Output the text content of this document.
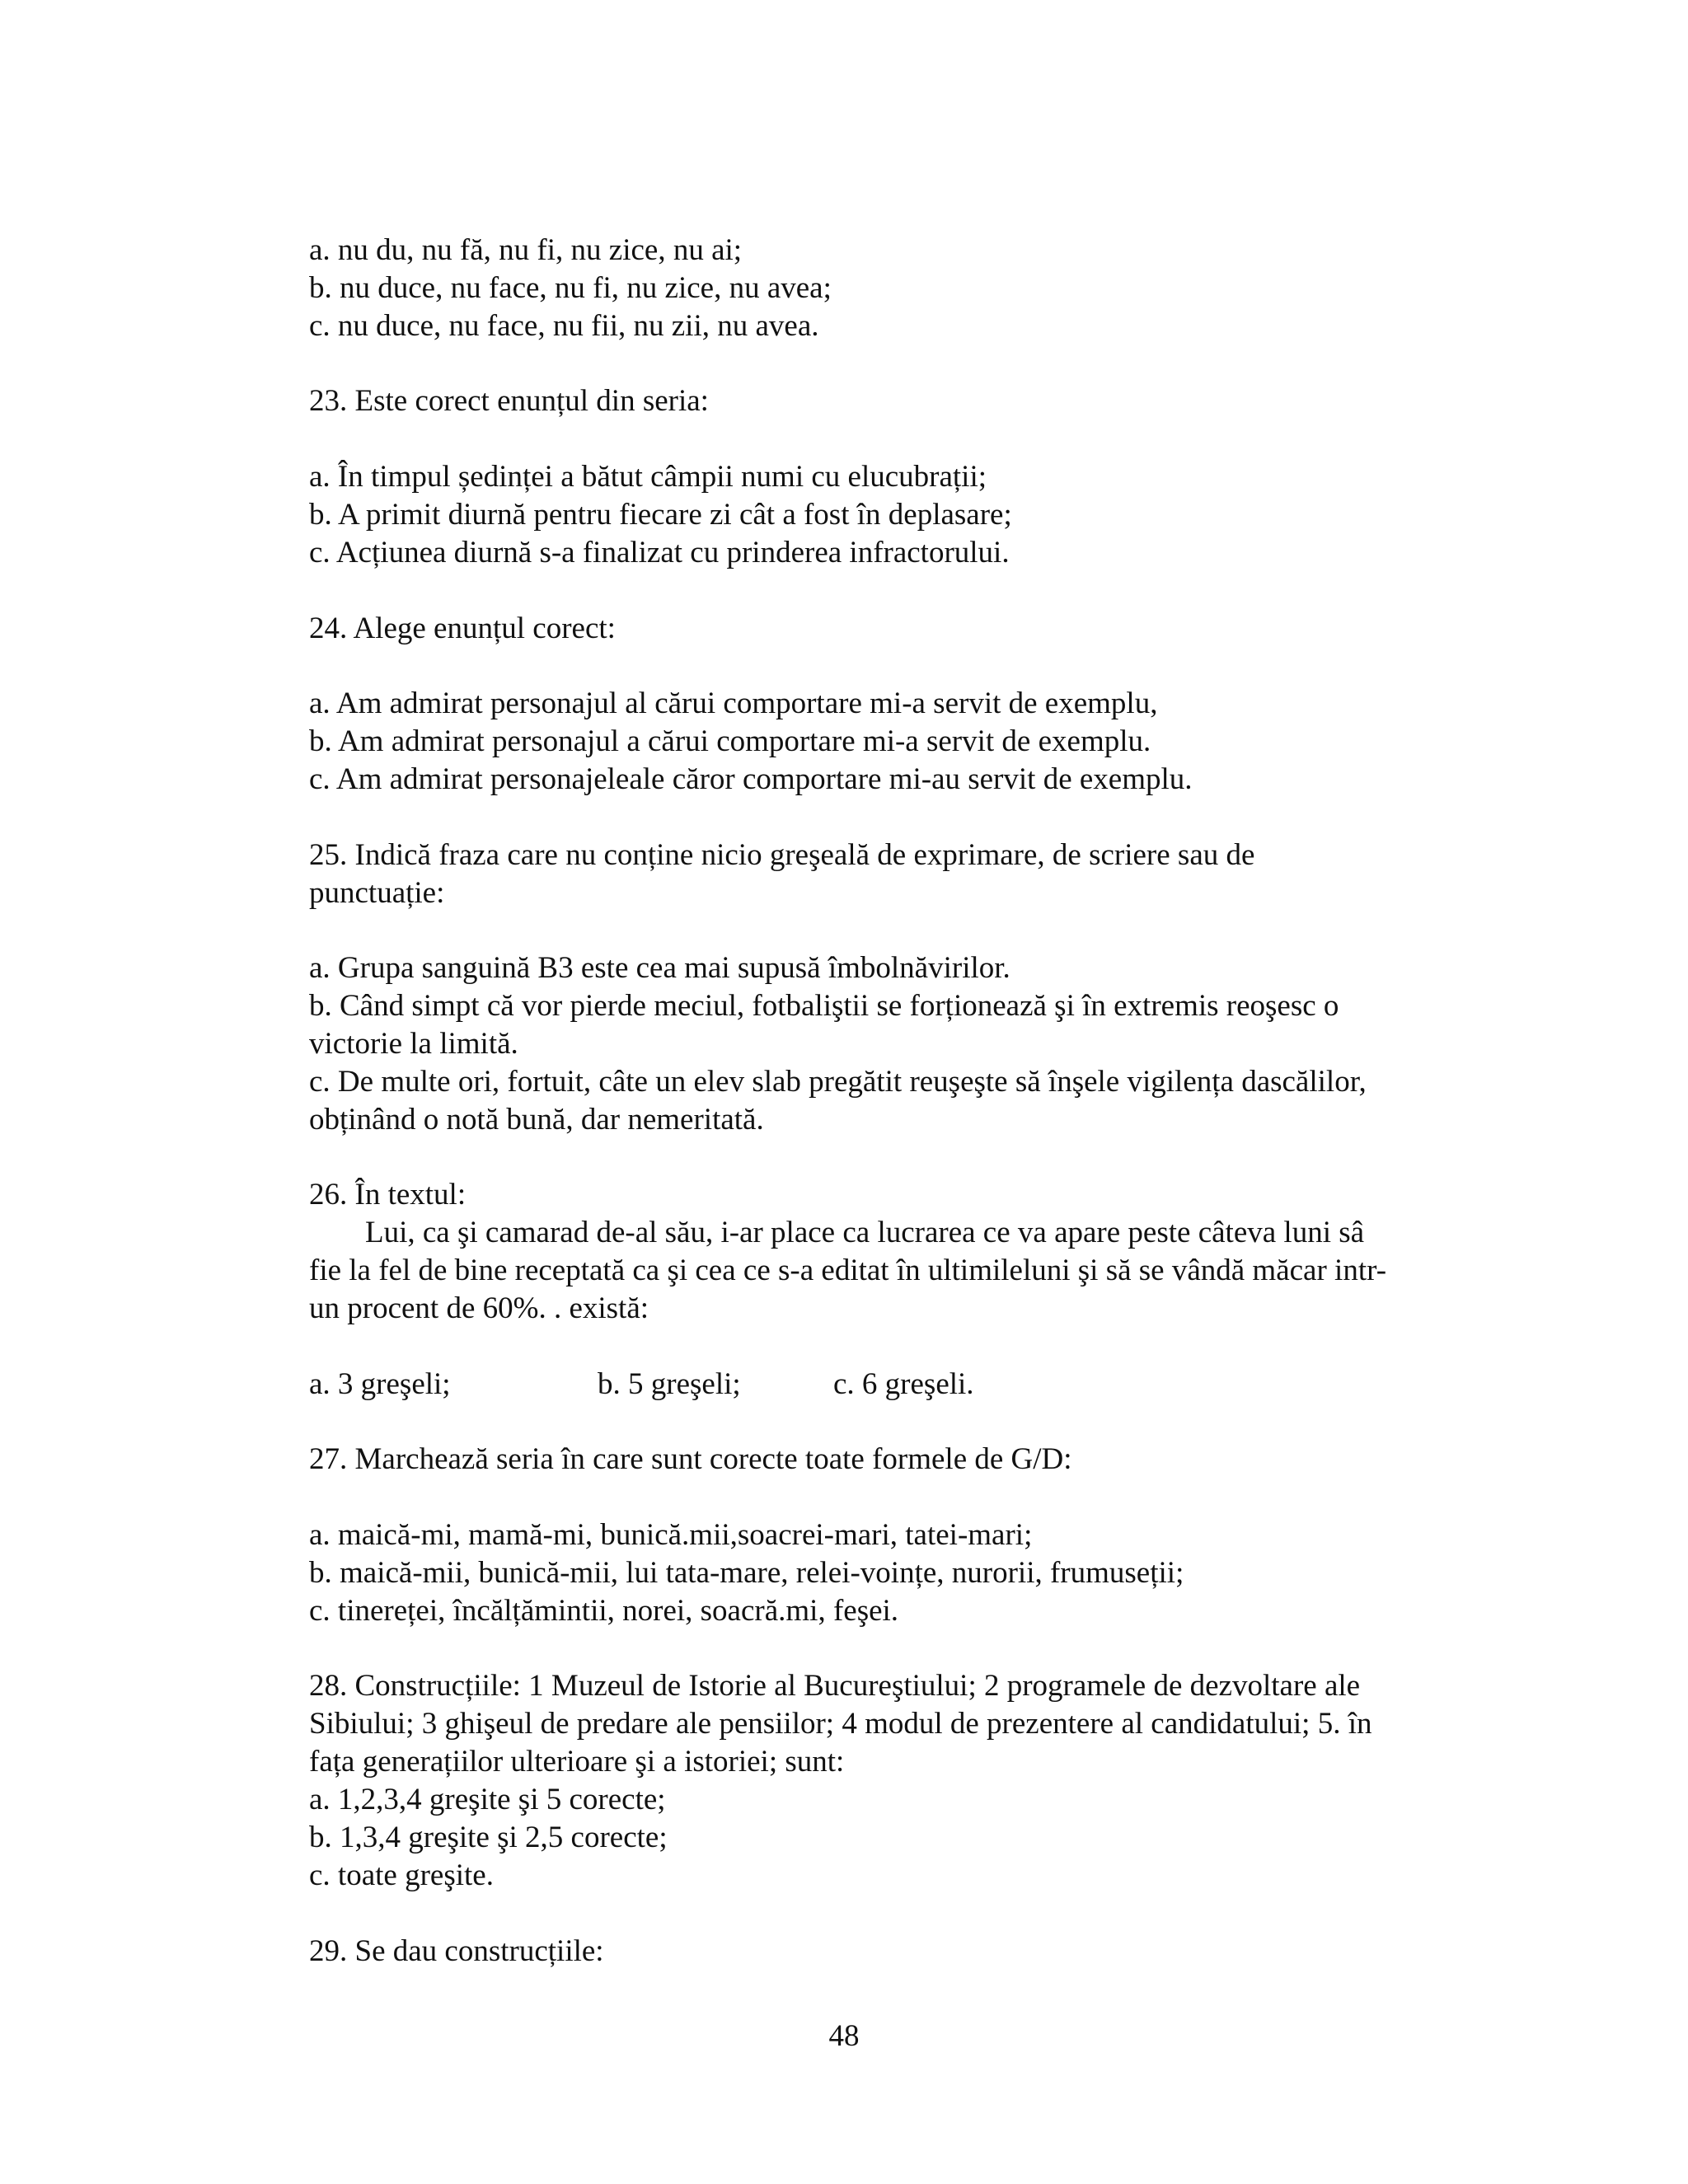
a. nu du, nu fă, nu fi, nu zice, nu ai;
b. nu duce, nu face, nu fi, nu zice, nu avea;
c. nu duce, nu face, nu fii, nu zii, nu avea.
23. Este corect enunțul din seria:
a. În timpul ședinței a bătut câmpii numi cu elucubrații;
b. A primit diurnă pentru fiecare zi cât a fost în deplasare;
c. Acțiunea diurnă s-a finalizat cu prinderea infractorului.
24. Alege enunțul corect:
a. Am admirat personajul al cărui comportare mi-a servit de exemplu,
b. Am admirat personajul a cărui comportare mi-a servit de exemplu.
c. Am admirat personajeleale căror comportare mi-au servit de exemplu.
25. Indică fraza care nu conține nicio greşeală de exprimare, de scriere sau de
punctuație:
a. Grupa sanguină B3 este cea mai supusă îmbolnăvirilor.
b. Când simpt că vor pierde meciul, fotbaliştii se forționează şi în extremis reoşesc o
victorie la limită.
c. De multe ori, fortuit, câte un elev slab pregătit reuşeşte să înşele vigilența dascălilor,
obținând o notă bună, dar nemeritată.
26. În textul:
Lui, ca şi camarad de-al său, i-ar place ca lucrarea ce va apare peste câteva luni sâ
fie la fel de bine receptată ca şi cea ce s-a editat în ultimileluni şi să se vândă măcar intr-
un procent de 60%. . există:
a. 3 greşeli;	b. 5 greşeli;	c. 6 greşeli.
27. Marchează seria în care sunt corecte toate formele de G/D:
a. maică-mi, mamă-mi, bunică.mii,soacrei-mari, tatei-mari;
b. maică-mii, bunică-mii, lui tata-mare, relei-voințe, nurorii, frumuseții;
c. tinereței, încălțămintii, norei, soacră.mi, feşei.
28. Construcțiile: 1 Muzeul de Istorie al Bucureştiului; 2 programele de dezvoltare ale
Sibiului; 3 ghişeul de predare ale pensiilor; 4 modul de prezentere al candidatului; 5. în
fața generațiilor ulterioare şi a istoriei; sunt:
a. 1,2,3,4 greşite şi 5 corecte;
b. 1,3,4 greşite şi 2,5 corecte;
c. toate greşite.
29. Se dau construcțiile:
48
